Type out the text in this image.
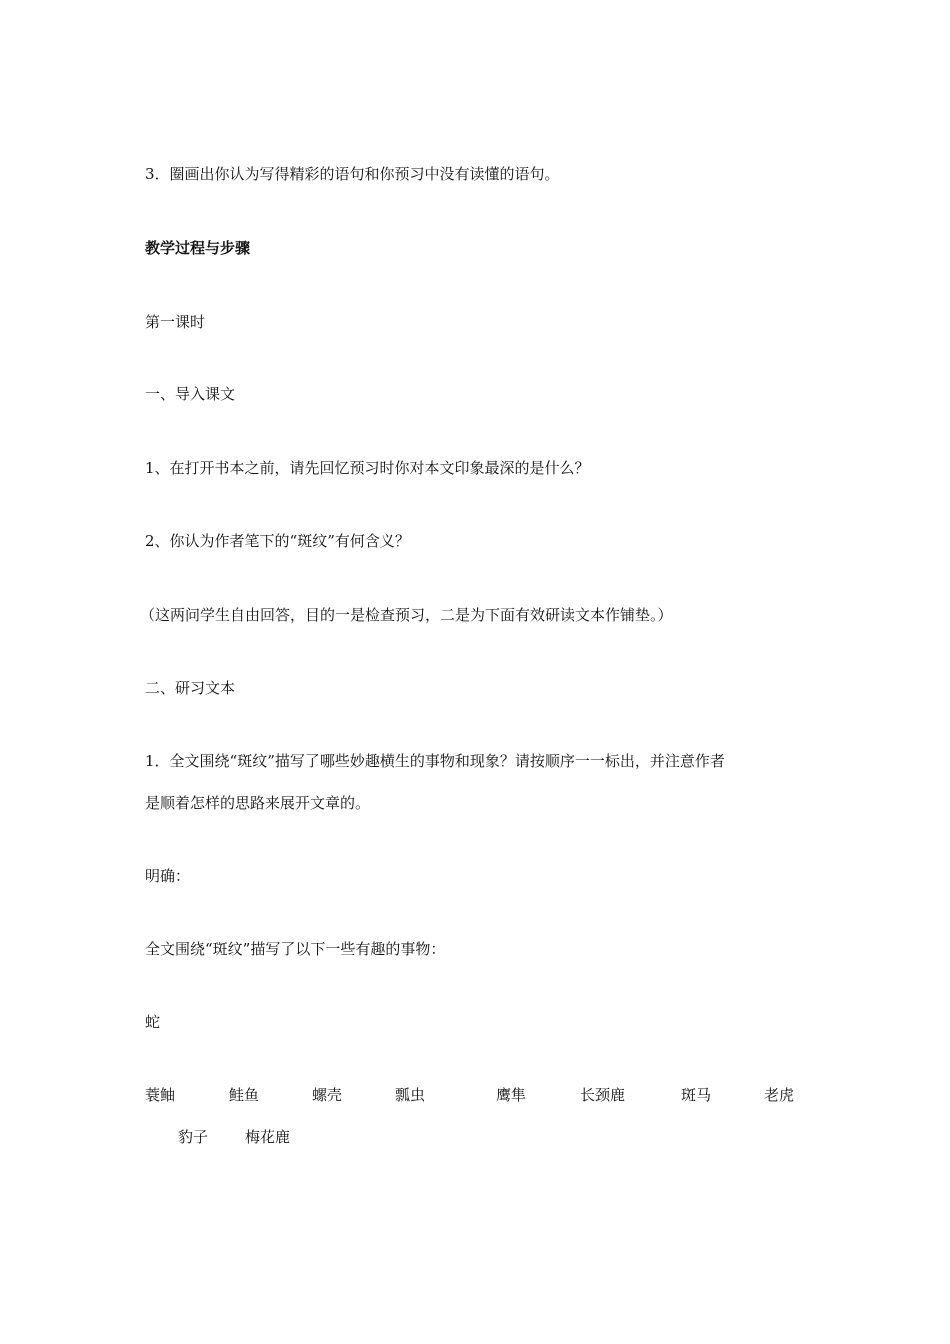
3．圈画出你认为写得精彩的语句和你预习中没有读懂的语句。
教学过程与步骤
第一课时
一、导入课文
1、在打开书本之前，请先回忆预习时你对本文印象最深的是什么？
2、你认为作者笔下的“斑纹”有何含义？
（这两问学生自由回答，目的一是检查预习，二是为下面有效研读文本作铺垫。）
二、研习文本
1．全文围绕“斑纹”描写了哪些妙趣横生的事物和现象？请按顺序一一标出，并注意作者
是顺着怎样的思路来展开文章的。
明确：
全文围绕“斑纹”描写了以下一些有趣的事物：
蛇
蓑鲉	鲑鱼	螺壳	瓢虫	鹰隼	长颈鹿	斑马	老虎
豹子 梅花鹿
